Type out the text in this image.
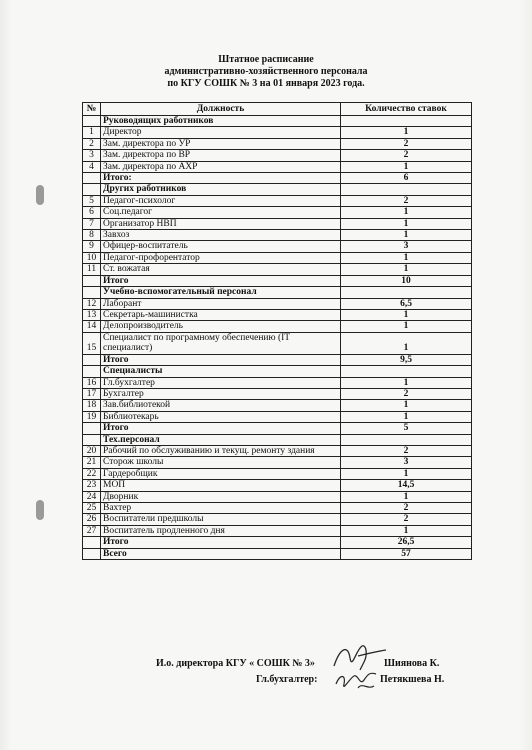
Штатное расписание
административно-хозяйственного персонала
по КГУ СОШК № 3 на 01 января 2023 года.
№	Должность	Количество ставок
	Руководящих работников	
1	Директор	1
2	Зам. директора по УР	2
3	Зам. директора по ВР	2
4	Зам. директора по АХР	1
	Итого:	6
	Других работников	
5	Педагог-психолог	2
6	Соц.педагог	1
7	Организатор НВП	1
8	Завхоз	1
9	Офицер-воспитатель	3
10	Педагог-профорентатор	1
11	Ст. вожатая	1
	Итого	10
	Учебно-вспомогательный персонал	
12	Лаборант	6,5
13	Секретарь-машинистка	1
14	Делопроизводитель	1
15	Специалист по програмному обеспечению (IT специалист)	1
	Итого	9,5
	Специалисты	
16	Гл.бухгалтер	1
17	Бухгалтер	2
18	Зав.библиотекой	1
19	Библиотекарь	1
	Итого	5
	Тех.персонал	
20	Рабочий по обслуживанию и текущ. ремонту здания	2
21	Сторож школы	3
22	Гардеробщик	1
23	МОП	14,5
24	Дворник	1
25	Вахтер	2
26	Воспитатели предшколы	2
27	Воспитатель продленного дня	1
	Итого	26,5
	Всего	57
И.о. директора КГУ « СОШК № 3»	Шиянова К.
Гл.бухгалтер:	Петякшева Н.
